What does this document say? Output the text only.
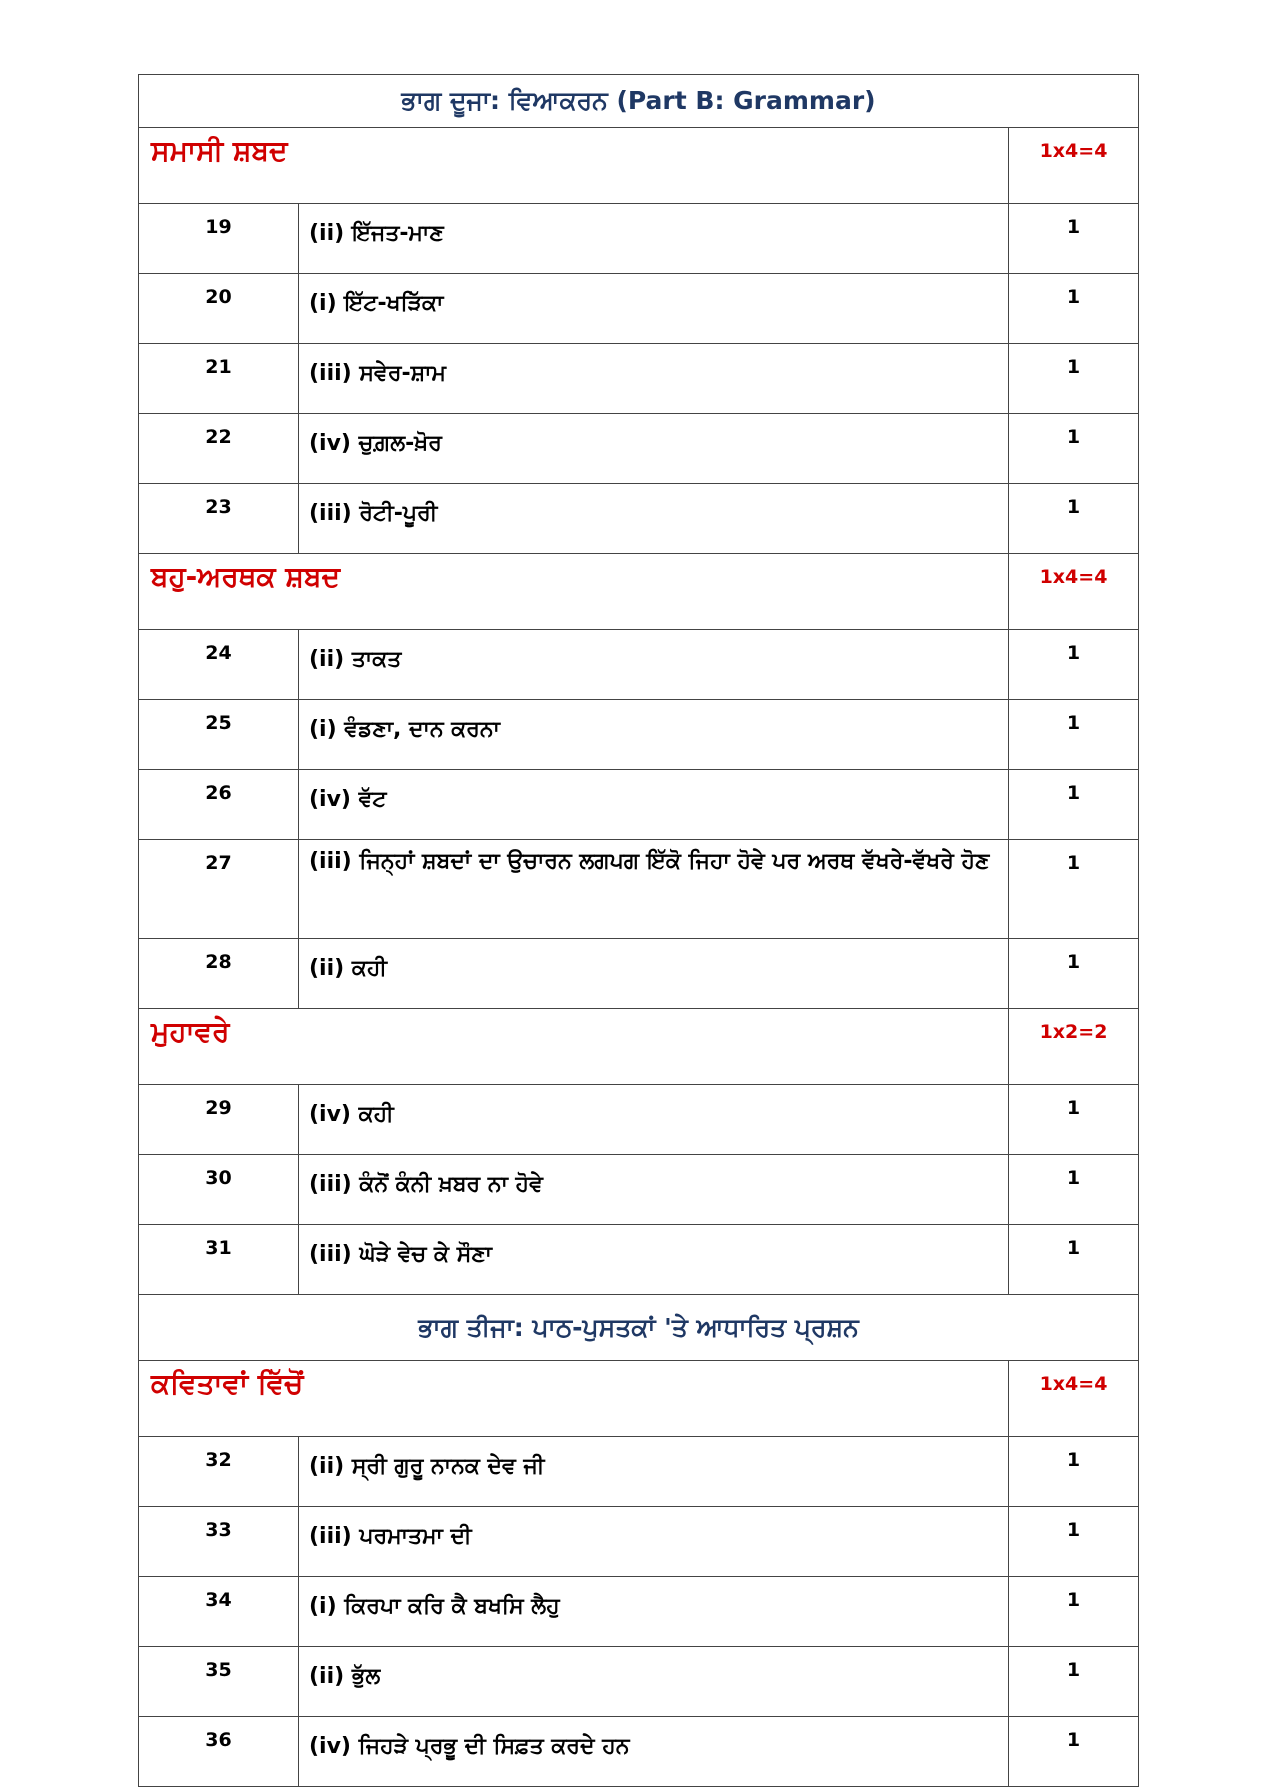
ਭਾਗ ਦੂਜਾ: ਵਿਆਕਰਨ (Part B: Grammar)		
ਸਮਾਸੀ ਸ਼ਬਦ		1x4=4
19	(ii) ਇੱਜਤ-ਮਾਣ	1
20	(i) ਇੱਟ-ਖੜਿੱਕਾ	1
21	(iii) ਸਵੇਰ-ਸ਼ਾਮ	1
22	(iv) ਚੁਗ਼ਲ-ਖ਼ੋਰ	1
23	(iii) ਰੋਟੀ-ਪੂਰੀ	1
ਬਹੁ-ਅਰਥਕ ਸ਼ਬਦ		1x4=4
24	(ii) ਤਾਕਤ	1
25	(i) ਵੰਡਣਾ, ਦਾਨ ਕਰਨਾ	1
26	(iv) ਵੱਟ	1
27	(iii) ਜਿਨ੍ਹਾਂ ਸ਼ਬਦਾਂ ਦਾ ਉਚਾਰਨ ਲਗਪਗ ਇੱਕੋ ਜਿਹਾ ਹੋਵੇ ਪਰ ਅਰਥ ਵੱਖਰੇ-ਵੱਖਰੇ ਹੋਣ	1
28	(ii) ਕਹੀ	1
ਮੁਹਾਵਰੇ		1x2=2
29	(iv) ਕਹੀ	1
30	(iii) ਕੰਨੋਂ ਕੰਨੀ ਖ਼ਬਰ ਨਾ ਹੋਵੇ	1
31	(iii) ਘੋੜੇ ਵੇਚ ਕੇ ਸੌਣਾ	1
ਭਾਗ ਤੀਜਾ: ਪਾਠ-ਪੁਸਤਕਾਂ 'ਤੇ ਆਧਾਰਿਤ ਪ੍ਰਸ਼ਨ		
ਕਵਿਤਾਵਾਂ ਵਿੱਚੋਂ		1x4=4
32	(ii) ਸ੍ਰੀ ਗੁਰੂ ਨਾਨਕ ਦੇਵ ਜੀ	1
33	(iii) ਪਰਮਾਤਮਾ ਦੀ	1
34	(i) ਕਿਰਪਾ ਕਰਿ ਕੈ ਬਖਸਿ ਲੈਹੁ	1
35	(ii) ਭੁੱਲ	1
36	(iv) ਜਿਹੜੇ ਪ੍ਰਭੂ ਦੀ ਸਿਫ਼ਤ ਕਰਦੇ ਹਨ	1
